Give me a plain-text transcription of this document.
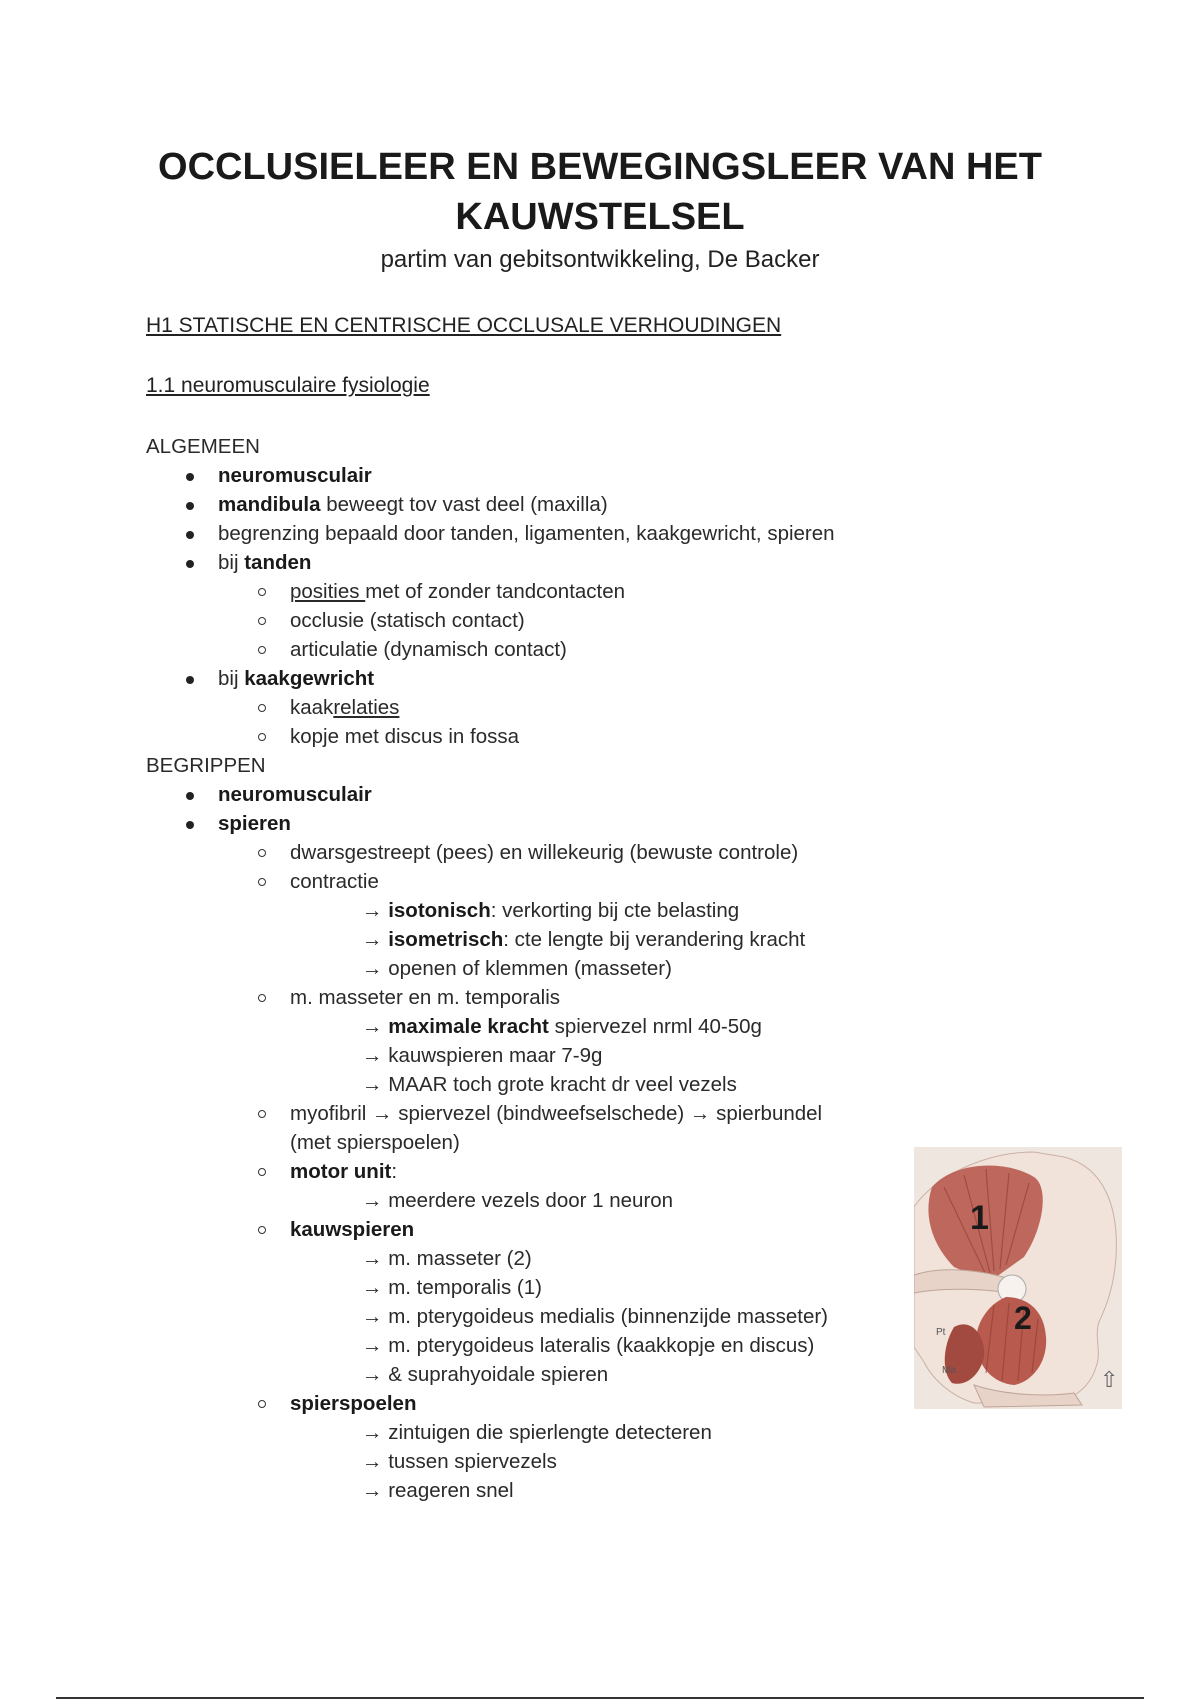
OCCLUSIELEER EN BEWEGINGSLEER VAN HET
KAUWSTELSEL
partim van gebitsontwikkeling, De Backer
H1 STATISCHE EN CENTRISCHE OCCLUSALE VERHOUDINGEN
1.1 neuromusculaire fysiologie
ALGEMEEN
neuromusculair
mandibula beweegt tov vast deel (maxilla)
begrenzing bepaald door tanden, ligamenten, kaakgewricht, spieren
bij tanden
posities met of zonder tandcontacten
occlusie (statisch contact)
articulatie (dynamisch contact)
bij kaakgewricht
kaakrelaties
kopje met discus in fossa
BEGRIPPEN
neuromusculair
spieren
dwarsgestreept (pees) en willekeurig (bewuste controle)
contractie
→ isotonisch: verkorting bij cte belasting
→ isometrisch: cte lengte bij verandering kracht
→ openen of klemmen (masseter)
m. masseter en m. temporalis
→ maximale kracht spiervezel nrml 40-50g
→ kauwspieren maar 7-9g
→ MAAR toch grote kracht dr veel vezels
myofibril → spiervezel (bindweefselschede) → spierbundel
(met spierspoelen)
motor unit:
→ meerdere vezels door 1 neuron
kauwspieren
→ m. masseter (2)
→ m. temporalis (1)
→ m. pterygoideus medialis (binnenzijde masseter)
→ m. pterygoideus lateralis (kaakkopje en discus)
→ & suprahyoidale spieren
spierspoelen
→ zintuigen die spierlengte detecteren
→ tussen spiervezels
→ reageren snel
1
2
Pt
Ma	⇧
